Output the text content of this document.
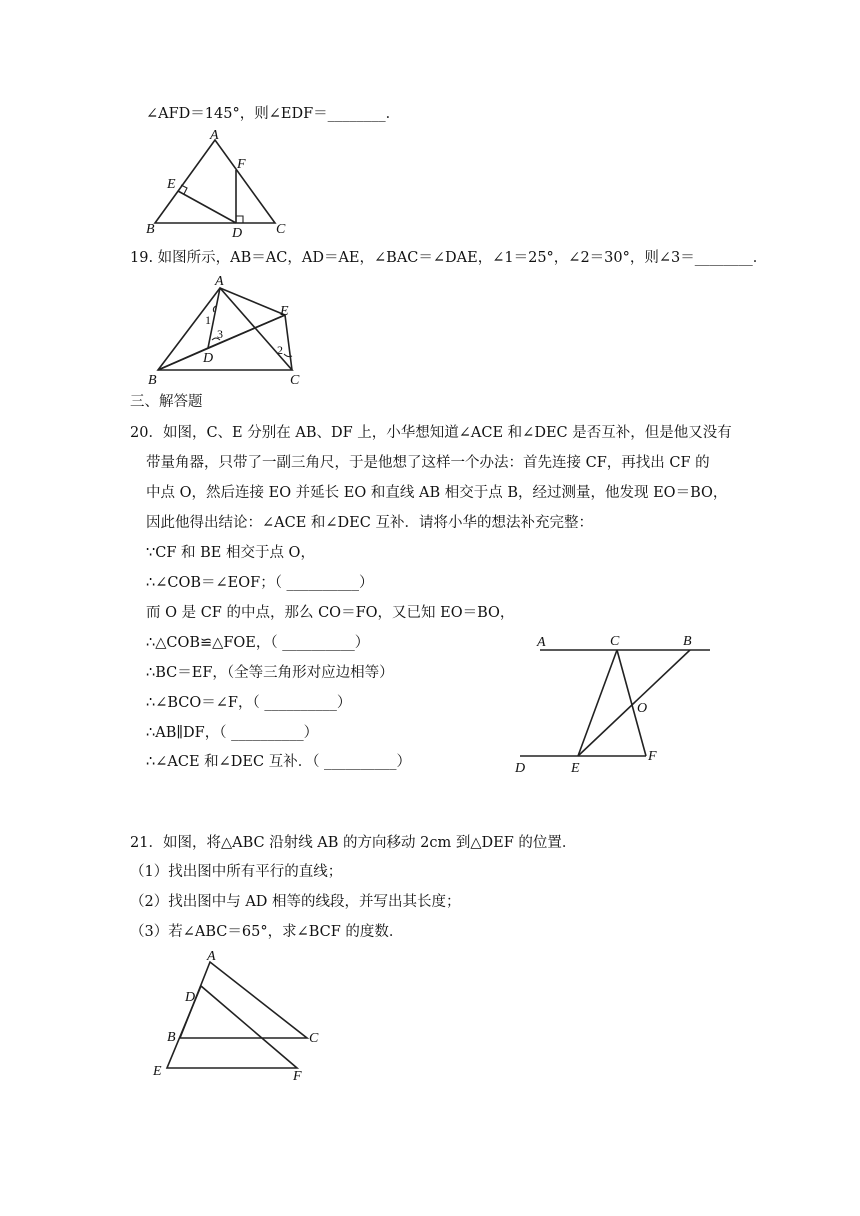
∠AFD＝145°，则∠EDF＝________．
A
B	C
D
E
F
19. 如图所示，AB＝AC，AD＝AE，∠BAC＝∠DAE，∠1＝25°，∠2＝30°，则∠3＝________．
A
B	C
D
E
1
3
2
三、解答题
20．如图，C、E 分别在 AB、DF 上，小华想知道∠ACE 和∠DEC 是否互补，但是他又没有
带量角器，只带了一副三角尺，于是他想了这样一个办法：首先连接 CF，再找出 CF 的
中点 O，然后连接 EO 并延长 EO 和直线 AB 相交于点 B，经过测量，他发现 EO＝BO，
因此他得出结论：∠ACE 和∠DEC 互补．请将小华的想法补充完整：
∵CF 和 BE 相交于点 O，
∴∠COB＝∠EOF；（ __________）
而 O 是 CF 的中点，那么 CO＝FO，又已知 EO＝BO，
∴△COB≌△FOE，（ __________）
∴BC＝EF，（全等三角形对应边相等）
∴∠BCO＝∠F，（ __________）
∴AB∥DF，（ __________）
∴∠ACE 和∠DEC 互补．（ __________）
A	C	B
O
D	E
F
21．如图，将△ABC 沿射线 AB 的方向移动 2cm 到△DEF 的位置．
（1）找出图中所有平行的直线；
（2）找出图中与 AD 相等的线段，并写出其长度；
（3）若∠ABC＝65°，求∠BCF 的度数．
A
D
B	C
E	F
